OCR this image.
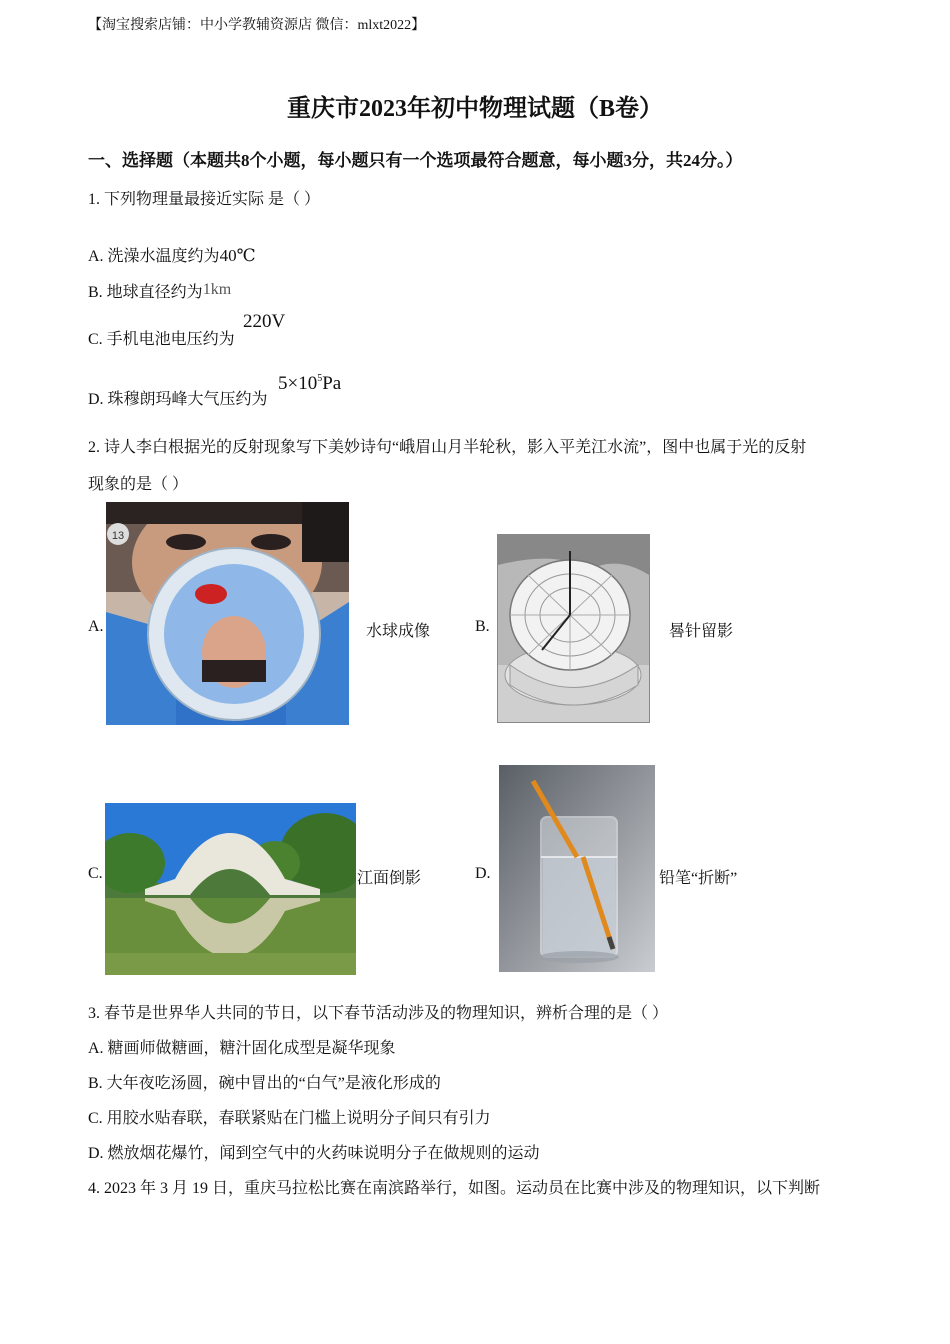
【淘宝搜索店铺：中小学教辅资源店 微信：mlxt2022】
重庆市2023年初中物理试题（B卷）
一、选择题（本题共8个小题，每小题只有一个选项最符合题意，每小题3分，共24分。）
1. 下列物理量最接近实际 是（ ）
A. 洗澡水温度约为40℃
B. 地球直径约为1km
C. 手机电池电压约为
220V
D. 珠穆朗玛峰大气压约为
$5\times 10^5Pa$
2. 诗人李白根据光的反射现象写下美妙诗句“峨眉山月半轮秋，影入平羌江水流”，图中也属于光的反射
现象的是（ ）
A.
13
水球成像	B.	晷针留影
C.	江面倒影	D.	铅笔“折断”
3. 春节是世界华人共同的节日，以下春节活动涉及的物理知识，辨析合理的是（ ）
A. 糖画师做糖画，糖汁固化成型是凝华现象
B. 大年夜吃汤圆，碗中冒出的“白气”是液化形成的
C. 用胶水贴春联，春联紧贴在门槛上说明分子间只有引力
D. 燃放烟花爆竹，闻到空气中的火药味说明分子在做规则的运动
4. 2023 年 3 月 19 日，重庆马拉松比赛在南滨路举行，如图。运动员在比赛中涉及的物理知识，以下判断
